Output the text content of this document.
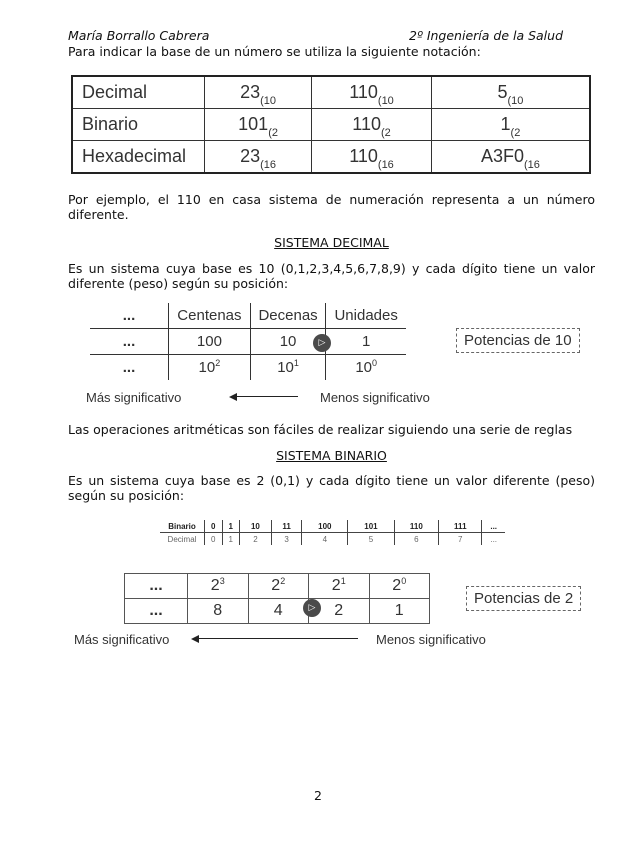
María Borrallo Cabrera	2º Ingeniería de la Salud
Para indicar la base de un número se utiliza la siguiente notación:
Decimal	$23_{(10}$	$110_{(10}$	$5_{(10}$
Binario	$101_{(2}$	$110_{(2}$	$1_{(2}$
Hexadecimal	$23_{(16}$	$110_{(16}$	$A3F0_{(16}$
Por ejemplo, el 110 en casa sistema de numeración representa a un número diferente.
SISTEMA DECIMAL
Es un sistema cuya base es 10 (0,1,2,3,4,5,6,7,8,9) y cada dígito tiene un valor diferente (peso) según su posición:
...	Centenas	Decenas	Unidades
...	100	10	1
...	$10^2$	$10^1$	$10^0$
▷	Potencias de 10
Más significativo	Menos significativo
Las operaciones aritméticas son fáciles de realizar siguiendo una serie de reglas
SISTEMA BINARIO
Es un sistema cuya base es 2 (0,1) y cada dígito tiene un valor diferente (peso) según su posición:
Binario	0	1	10	11	100	101	110	111	...
Decimal	0	1	2	3	4	5	6	7	...
...	$2^3$	$2^2$	$2^1$	$2^0$
...	8	4	2	1
▷
Potencias de 2
Más significativo	Menos significativo
2
